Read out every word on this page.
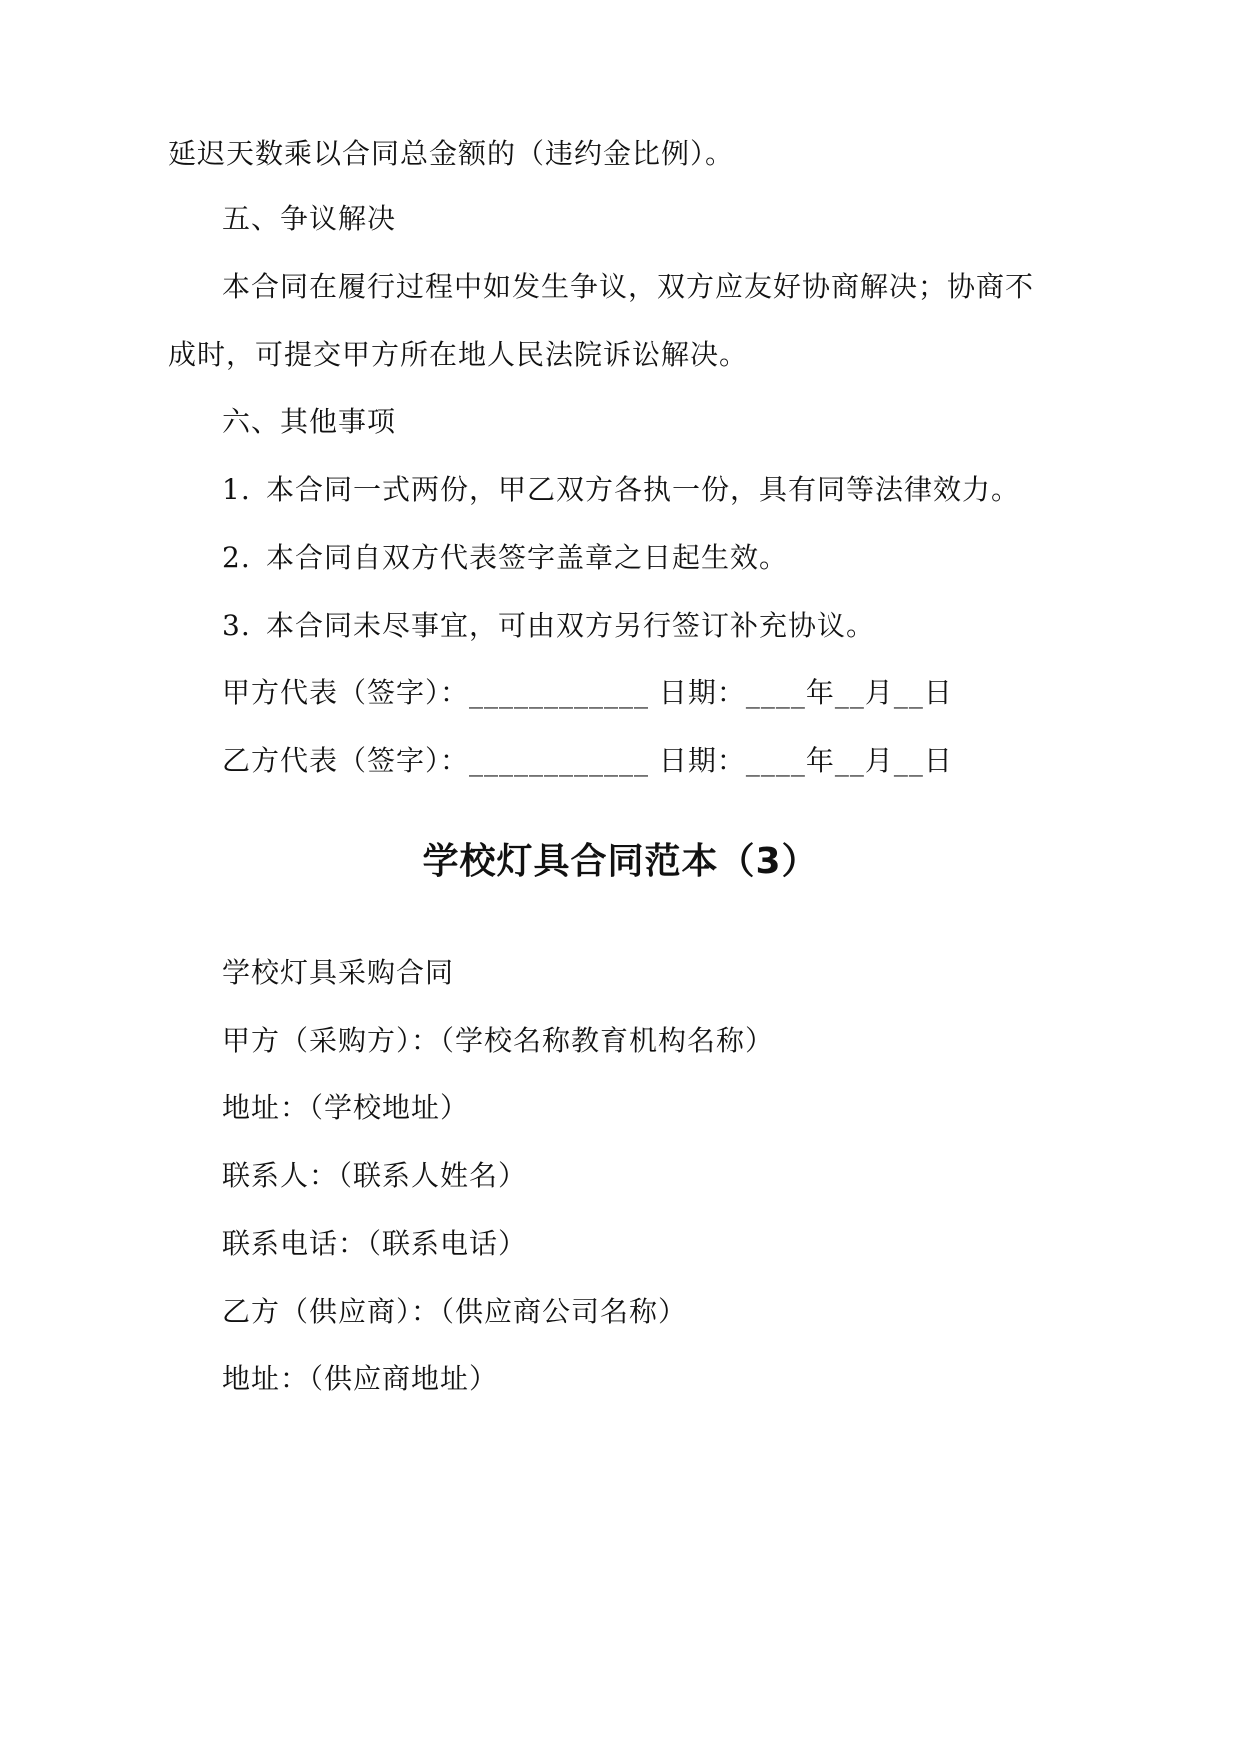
延迟天数乘以合同总金额的（违约金比例）。
五、争议解决
本合同在履行过程中如发生争议，双方应友好协商解决；协商不
成时，可提交甲方所在地人民法院诉讼解决。
六、其他事项
1. 本合同一式两份，甲乙双方各执一份，具有同等法律效力。
2. 本合同自双方代表签字盖章之日起生效。
3. 本合同未尽事宜，可由双方另行签订补充协议。
甲方代表（签字）：____________ 日期：____年__月__日
乙方代表（签字）：____________ 日期：____年__月__日
学校灯具合同范本（3）
学校灯具采购合同
甲方（采购方）：（学校名称教育机构名称）
地址：（学校地址）
联系人：（联系人姓名）
联系电话：（联系电话）
乙方（供应商）：（供应商公司名称）
地址：（供应商地址）
